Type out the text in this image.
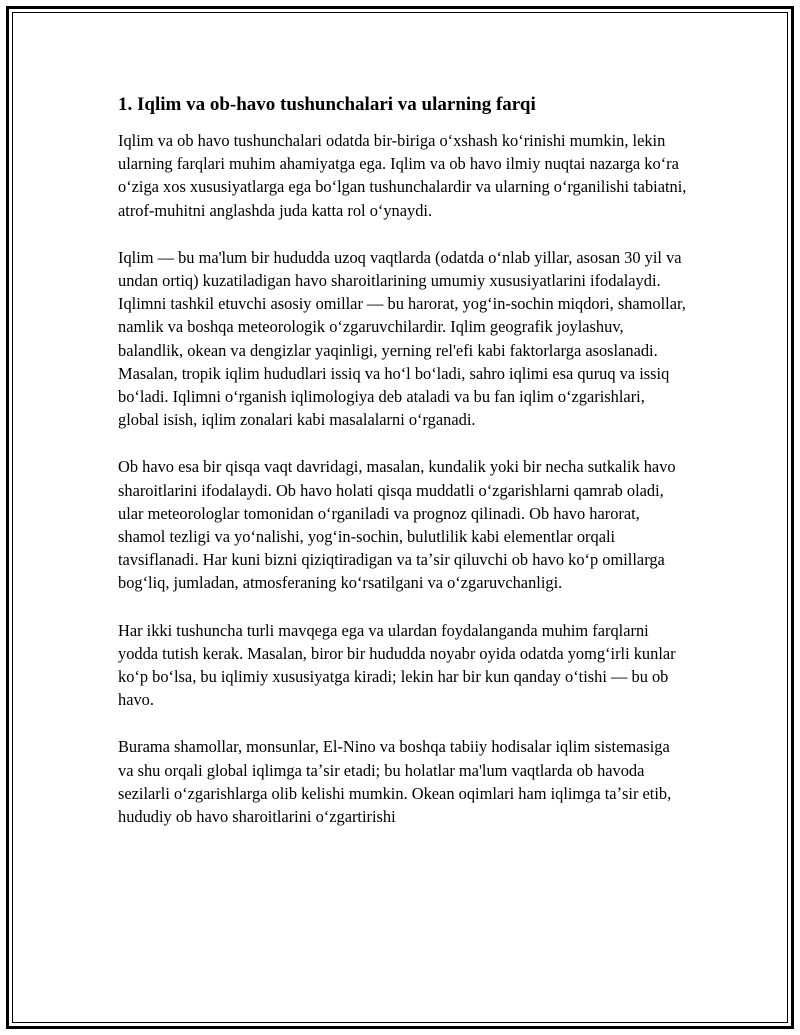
1. Iqlim va ob-havo tushunchalari va ularning farqi

Iqlim va ob havo tushunchalari odatda bir-biriga oʻxshash koʻrinishi mumkin, lekin ularning farqlari muhim ahamiyatga ega. Iqlim va ob havo ilmiy nuqtai nazarga koʻra oʻziga xos xususiyatlarga ega boʻlgan tushunchalardir va ularning oʻrganilishi tabiatni, atrof-muhitni anglashda juda katta rol oʻynaydi.

Iqlim — bu ma'lum bir hududda uzoq vaqtlarda (odatda oʻnlab yillar, asosan 30 yil va undan ortiq) kuzatiladigan havo sharoitlarining umumiy xususiyatlarini ifodalaydi. Iqlimni tashkil etuvchi asosiy omillar — bu harorat, yogʻin-sochin miqdori, shamollar, namlik va boshqa meteorologik oʻzgaruvchilardir. Iqlim geografik joylashuv, balandlik, okean va dengizlar yaqinligi, yerning rel'efi kabi faktorlarga asoslanadi. Masalan, tropik iqlim hududlari issiq va hoʻl boʻladi, sahro iqlimi esa quruq va issiq boʻladi. Iqlimni oʻrganish iqlimologiya deb ataladi va bu fan iqlim oʻzgarishlari, global isish, iqlim zonalari kabi masalalarni oʻrganadi.

Ob havo esa bir qisqa vaqt davridagi, masalan, kundalik yoki bir necha sutkalik havo sharoitlarini ifodalaydi. Ob havo holati qisqa muddatli oʻzgarishlarni qamrab oladi, ular meteorologlar tomonidan oʻrganiladi va prognoz qilinadi. Ob havo harorat, shamol tezligi va yoʻnalishi, yogʻin-sochin, bulutlilik kabi elementlar orqali tavsiflanadi. Har kuni bizni qiziqtiradigan va taʼsir qiluvchi ob havo koʻp omillarga bogʻliq, jumladan, atmosferaning koʻrsatilgani va oʻzgaruvchanligi.

Har ikki tushuncha turli mavqega ega va ulardan foydalanganda muhim farqlarni yodda tutish kerak. Masalan, biror bir hududda noyabr oyida odatda yomgʻirli kunlar koʻp boʻlsa, bu iqlimiy xususiyatga kiradi; lekin har bir kun qanday oʻtishi — bu ob havo.

Burama shamollar, monsunlar, El-Nino va boshqa tabiiy hodisalar iqlim sistemasiga va shu orqali global iqlimga taʼsir etadi; bu holatlar ma'lum vaqtlarda ob havoda sezilarli oʻzgarishlarga olib kelishi mumkin. Okean oqimlari ham iqlimga taʼsir etib, hududiy ob havo sharoitlarini oʻzgartirishi
